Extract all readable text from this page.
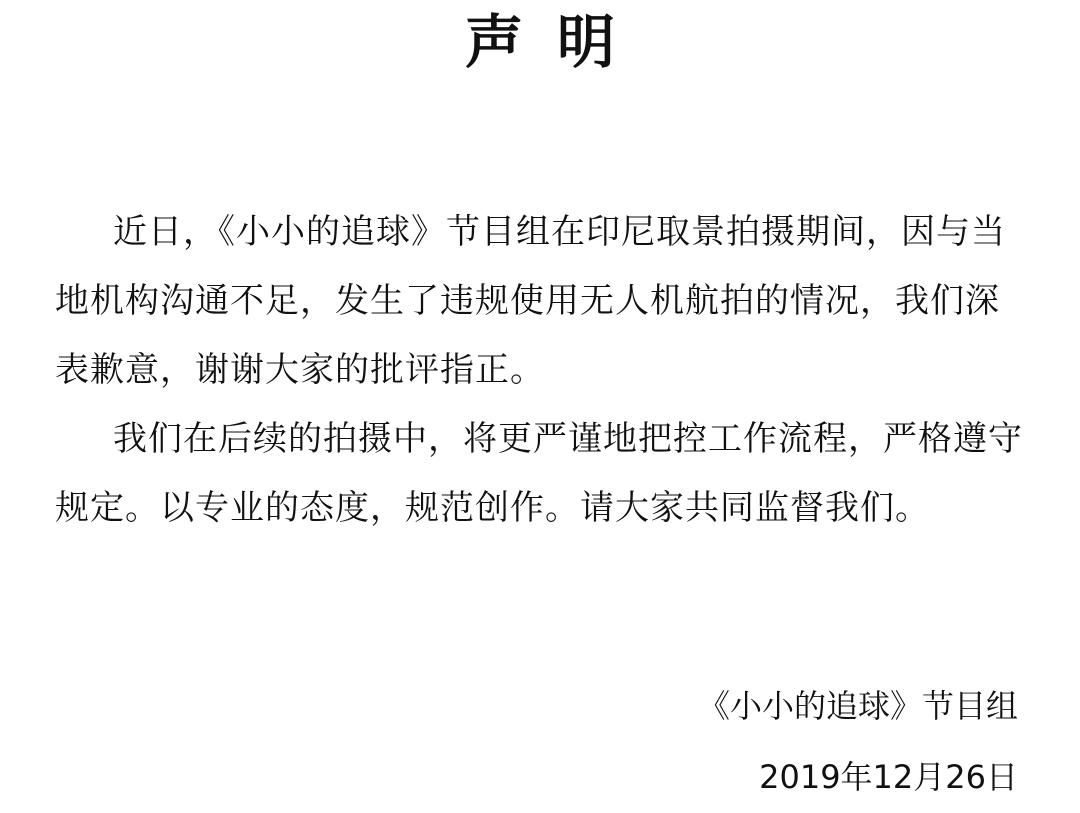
声明
近日，《小小的追球》节目组在印尼取景拍摄期间，因与当地机构沟通不足，发生了违规使用无人机航拍的情况，我们深表歉意，谢谢大家的批评指正。
我们在后续的拍摄中，将更严谨地把控工作流程，严格遵守规定。以专业的态度，规范创作。请大家共同监督我们。
《小小的追球》节目组
2019年12月26日
